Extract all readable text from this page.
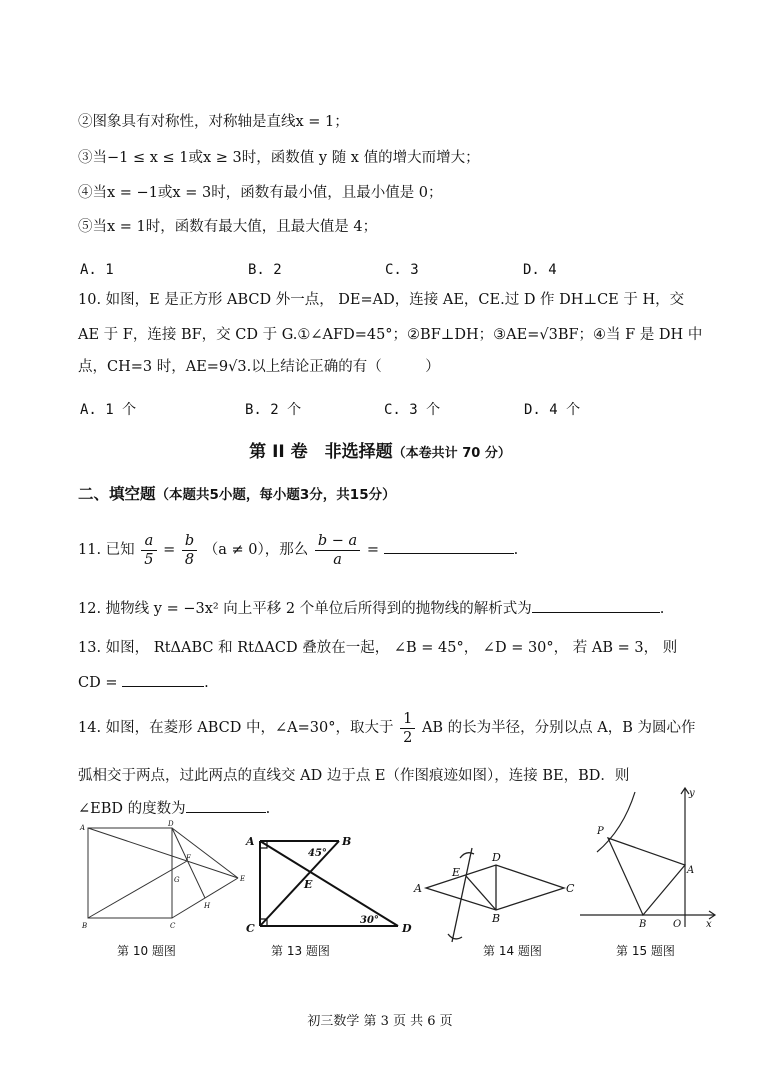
②图象具有对称性，对称轴是直线x = 1；
③当−1 ≤ x ≤ 1或x ≥ 3时，函数值 y 随 x 值的增大而增大；
④当x = −1或x = 3时，函数有最小值，且最小值是 0；
⑤当x = 1时，函数有最大值，且最大值是 4；
A. 1	B. 2	C. 3	D. 4
10. 如图，E 是正方形 ABCD 外一点， DE=AD，连接 AE，CE.过 D 作 DH⊥CE 于 H，交
AE 于 F，连接 BF，交 CD 于 G.①∠AFD=45°；②BF⊥DH；③AE=√3BF；④当 F 是 DH 中
点，CH=3 时，AE=9√3.以上结论正确的有（　　　）
A. 1 个	B. 2 个	C. 3 个	D. 4 个
第 II 卷　非选择题（本卷共计 70 分）
二、填空题（本题共5小题，每小题3分，共15分）
11. 已知 $\frac{a}{5} = \frac{b}{8} (a \ne 0)$，那么 $\frac{b - a}{a}$ =	.
12. 抛物线 y = −3x² 向上平移 2 个单位后所得到的抛物线的解析式为	.
13. 如图， RtΔABC 和 RtΔACD 叠放在一起， ∠B = 45°， ∠D = 30°， 若 AB = 3， 则
CD =	.
14. 如图，在菱形 ABCD 中，∠A=30°，取大于 $\frac{1}{2}$ AB 的长为半径，分别以点 A，B 为圆心作
弧相交于两点，过此两点的直线交 AD 边于点 E（作图痕迹如图），连接 BE，BD．则
∠EBD 的度数为	.
A	D
F
G	E
H
B	C
第 10 题图
A	B
E
C	D
45°
30°
第 13 题图
E
D
A	C
B
第 14 题图
y
P
A
B	O x
第 15 题图
初三数学 第 3 页 共 6 页
